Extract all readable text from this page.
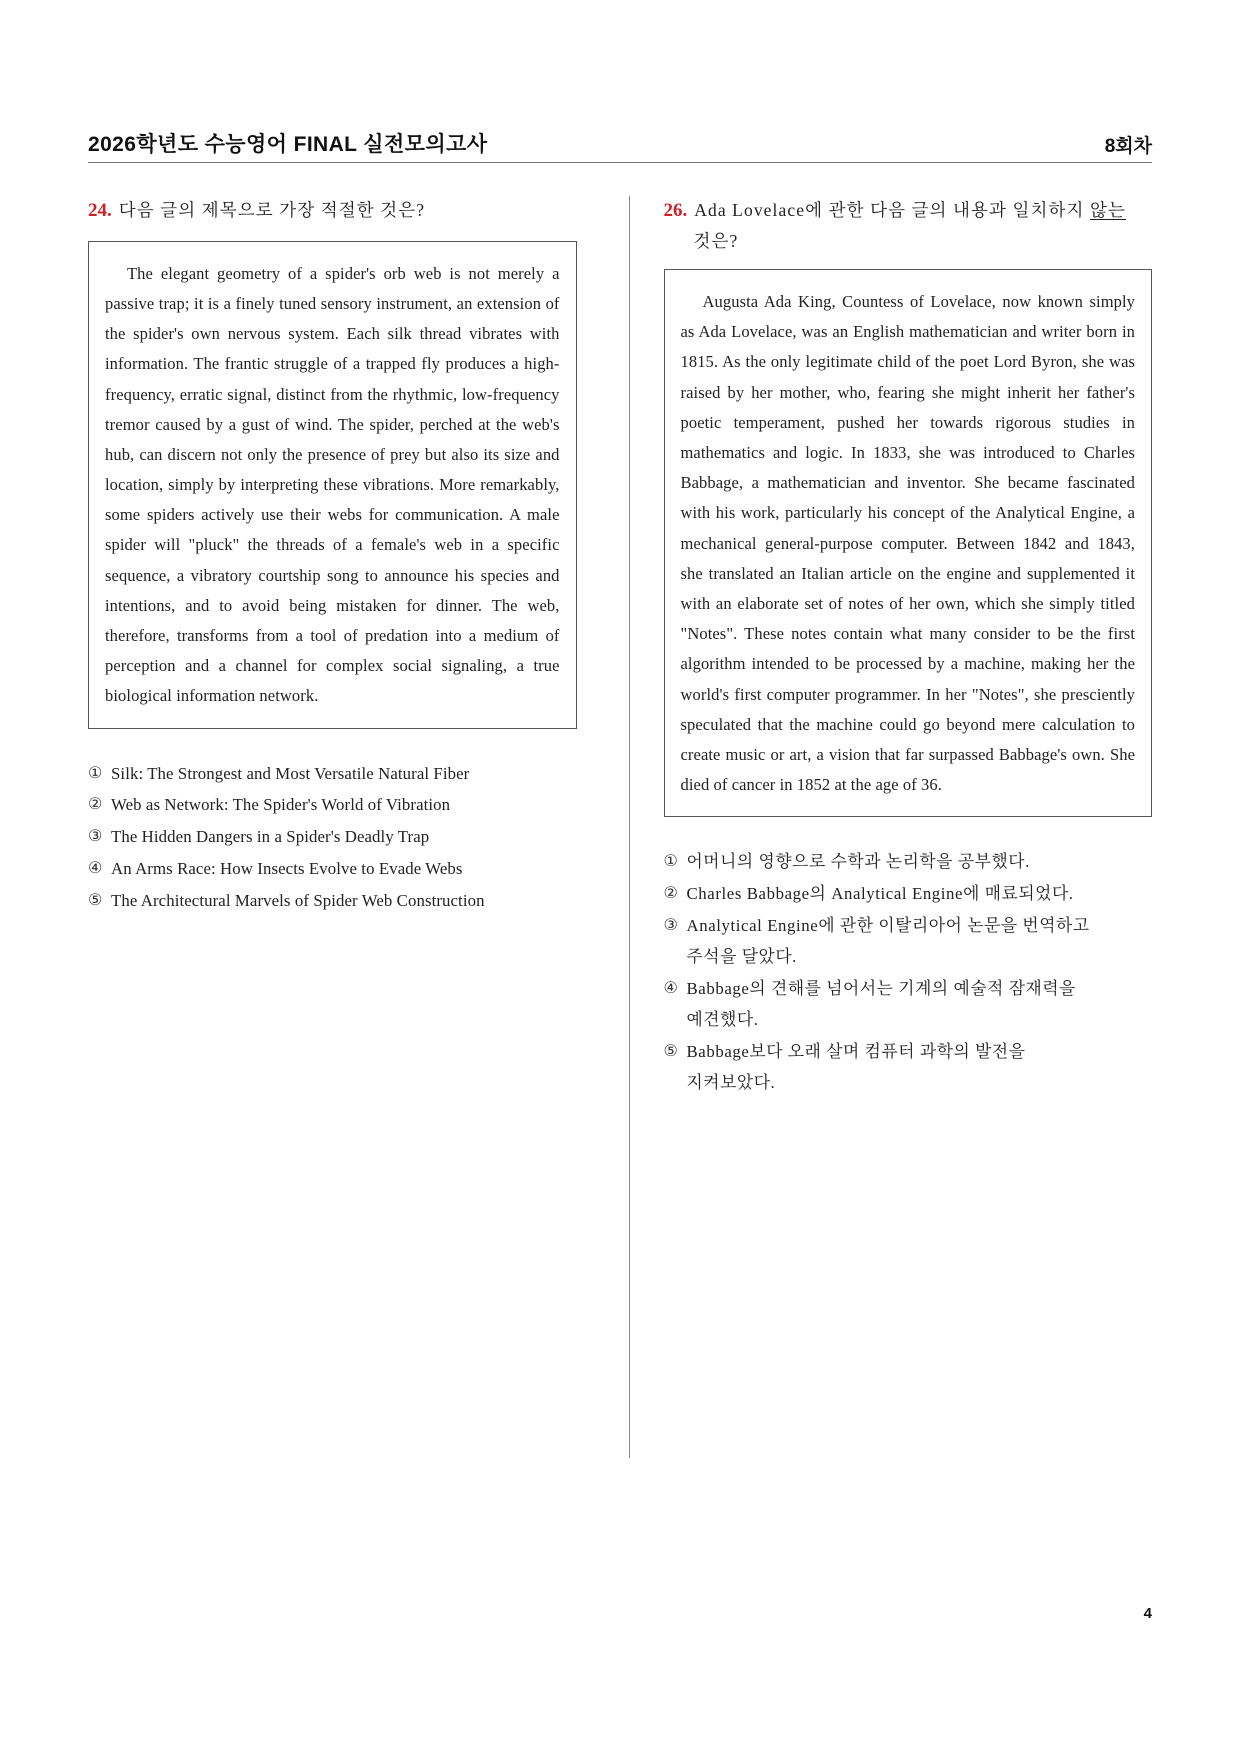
2026학년도 수능영어 FINAL 실전모의고사	8회차
24. 다음 글의 제목으로 가장 적절한 것은?

The elegant geometry of a spider's orb web is not merely a passive trap; it is a finely tuned sensory instrument, an extension of the spider's own nervous system. Each silk thread vibrates with information. The frantic struggle of a trapped fly produces a high-frequency, erratic signal, distinct from the rhythmic, low-frequency tremor caused by a gust of wind. The spider, perched at the web's hub, can discern not only the presence of prey but also its size and location, simply by interpreting these vibrations. More remarkably, some spiders actively use their webs for communication. A male spider will "pluck" the threads of a female's web in a specific sequence, a vibratory courtship song to announce his species and intentions, and to avoid being mistaken for dinner. The web, therefore, transforms from a tool of predation into a medium of perception and a channel for complex social signaling, a true biological information network.

① Silk: The Strongest and Most Versatile Natural Fiber
② Web as Network: The Spider's World of Vibration
③ The Hidden Dangers in a Spider's Deadly Trap
④ An Arms Race: How Insects Evolve to Evade Webs
⑤ The Architectural Marvels of Spider Web Construction
26. Ada Lovelace에 관한 다음 글의 내용과 일치하지 않는
것은?

Augusta Ada King, Countess of Lovelace, now known simply as Ada Lovelace, was an English mathematician and writer born in 1815. As the only legitimate child of the poet Lord Byron, she was raised by her mother, who, fearing she might inherit her father's poetic temperament, pushed her towards rigorous studies in mathematics and logic. In 1833, she was introduced to Charles Babbage, a mathematician and inventor. She became fascinated with his work, particularly his concept of the Analytical Engine, a mechanical general-purpose computer. Between 1842 and 1843, she translated an Italian article on the engine and supplemented it with an elaborate set of notes of her own, which she simply titled "Notes". These notes contain what many consider to be the first algorithm intended to be processed by a machine, making her the world's first computer programmer. In her "Notes", she presciently speculated that the machine could go beyond mere calculation to create music or art, a vision that far surpassed Babbage's own. She died of cancer in 1852 at the age of 36.

① 어머니의 영향으로 수학과 논리학을 공부했다.
② Charles Babbage의 Analytical Engine에 매료되었다.
③ Analytical Engine에 관한 이탈리아어 논문을 번역하고
주석을 달았다.
④ Babbage의 견해를 넘어서는 기계의 예술적 잠재력을
예견했다.
⑤ Babbage보다 오래 살며 컴퓨터 과학의 발전을
지켜보았다.
4
